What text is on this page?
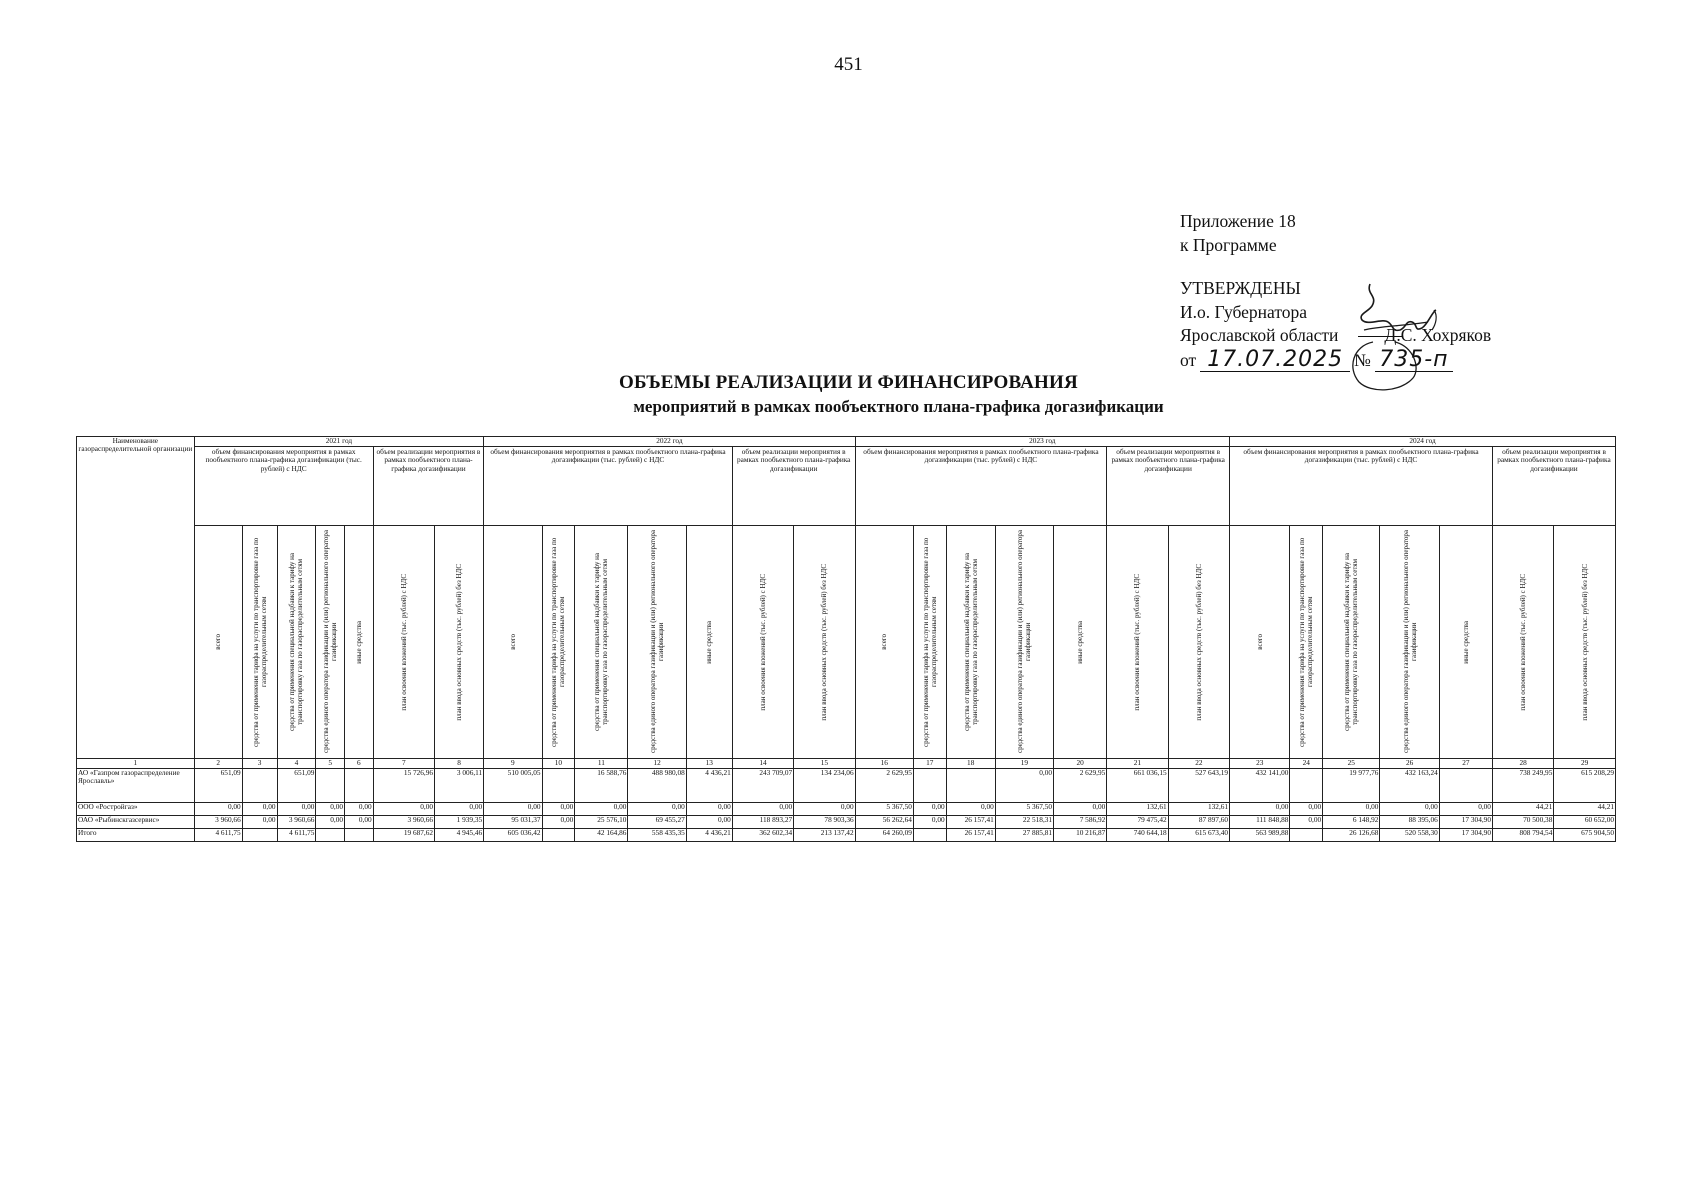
451
Приложение 18
к Программе
УТВЕРЖДЕНЫ
И.о. Губернатора
Ярославской области	Д.С. Хохряков
от 17.07.2025 № 735-п
ОБЪЕМЫ РЕАЛИЗАЦИИ И ФИНАНСИРОВАНИЯ
мероприятий в рамках пообъектного плана-графика догазификации
Наименование газораспределительной организации	2021 год							2022 год							2023 год							2024 год						
	объем финансирования мероприятия в рамках пообъектного плана-графика догазификации (тыс. рублей) с НДС					объем реализации мероприятия в рамках пообъектного плана-графика догазификации		объем финансирования мероприятия в рамках пообъектного плана-графика догазификации (тыс. рублей) с НДС					объем реализации мероприятия в рамках пообъектного плана-графика догазификации		объем финансирования мероприятия в рамках пообъектного плана-графика догазификации (тыс. рублей) с НДС					объем реализации мероприятия в рамках пообъектного плана-графика догазификации		объем финансирования мероприятия в рамках пообъектного плана-графика догазификации (тыс. рублей) с НДС					объем реализации мероприятия в рамках пообъектного плана-графика догазификации	

	всего	средства от применения тарифа на услуги по транспортировке газа по газораспределительным сетям	средства от применения специальной надбавки к тарифу на транспортировку газа по газораспределительным сетям	средства единого оператора газификации и (или) регионального оператора газификации	иные средства	план освоения вложений (тыс. рублей) с НДС	план ввода основных средств (тыс. рублей) без НДС	всего	средства от применения тарифа на услуги по транспортировке газа по газораспределительным сетям	средства от применения специальной надбавки к тарифу на транспортировку газа по газораспределительным сетям	средства единого оператора газификации и (или) регионального оператора газификации	иные средства	план освоения вложений (тыс. рублей) с НДС	план ввода основных средств (тыс. рублей) без НДС	всего	средства от применения тарифа на услуги по транспортировке газа по газораспределительным сетям	средства от применения специальной надбавки к тарифу на транспортировку газа по газораспределительным сетям	средства единого оператора газификации и (или) регионального оператора газификации	иные средства	план освоения вложений (тыс. рублей) с НДС	план ввода основных средств (тыс. рублей) без НДС	всего	средства от применения тарифа на услуги по транспортировке газа по газораспределительным сетям	средства от применения специальной надбавки к тарифу на транспортировку газа по газораспределительным сетям	средства единого оператора газификации и (или) регионального оператора газификации	иные средства	план освоения вложений (тыс. рублей) с НДС	план ввода основных средств (тыс. рублей) без НДС

1	2	3	4	5	6	7	8	9	10	11	12	13	14	15	16	17	18	19	20	21	22	23	24	25	26	27	28	29
АО «Газпром газораспределение Ярославль»	651,09		651,09			15 726,96	3 006,11	510 005,05		16 588,76	488 980,08	4 436,21	243 709,07	134 234,06	2 629,95			0,00	2 629,95	661 036,15	527 643,19	432 141,00		19 977,76	432 163,24		738 249,95	615 208,29
ООО «Ростройгаз»	0,00	0,00	0,00	0,00	0,00	0,00	0,00	0,00	0,00	0,00	0,00	0,00	0,00	0,00	5 367,50	0,00	0,00	5 367,50	0,00	132,61	132,61	0,00	0,00	0,00	0,00	0,00	44,21	44,21
ОАО «Рыбинскгазсервис»	3 960,66	0,00	3 960,66	0,00	0,00	3 960,66	1 939,35	95 031,37	0,00	25 576,10	69 455,27	0,00	118 893,27	78 903,36	56 262,64	0,00	26 157,41	22 518,31	7 586,92	79 475,42	87 897,60	111 848,88	0,00	6 148,92	88 395,06	17 304,90	70 500,38	60 652,00
Итого	4 611,75		4 611,75			19 687,62	4 945,46	605 036,42		42 164,86	558 435,35	4 436,21	362 602,34	213 137,42	64 260,09		26 157,41	27 885,81	10 216,87	740 644,18	615 673,40	563 989,88		26 126,68	520 558,30	17 304,90	808 794,54	675 904,50
